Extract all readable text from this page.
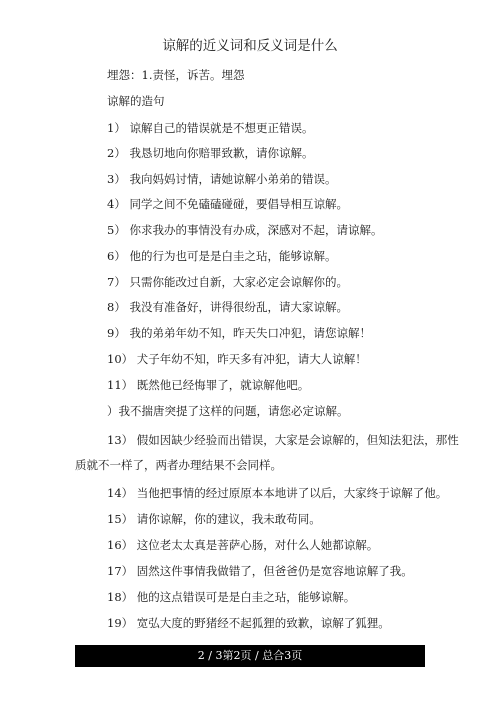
谅解的近义词和反义词是什么
埋怨：1.责怪，诉苦。埋怨
谅解的造句
1） 谅解自己的错误就是不想更正错误。
2） 我恳切地向你赔罪致歉，请你谅解。
3） 我向妈妈讨情，请她谅解小弟弟的错误。
4） 同学之间不免磕磕碰碰，要倡导相互谅解。
5） 你求我办的事情没有办成，深感对不起，请谅解。
6） 他的行为也可是是白圭之玷，能够谅解。
7） 只需你能改过自新，大家必定会谅解你的。
8） 我没有准备好，讲得很纷乱，请大家谅解。
9） 我的弟弟年幼不知，昨天失口冲犯，请您谅解！
10） 犬子年幼不知，昨天多有冲犯，请大人谅解！
11） 既然他已经悔罪了，就谅解他吧。
）我不揣唐突提了这样的问题，请您必定谅解。
13） 假如因缺少经验而出错误，大家是会谅解的，但知法犯法，那性
质就不一样了，两者办理结果不会同样。
14） 当他把事情的经过原原本本地讲了以后，大家终于谅解了他。
15） 请你谅解，你的建议，我未敢苟同。
16） 这位老太太真是菩萨心肠，对什么人她都谅解。
17） 固然这件事情我做错了，但爸爸仍是宽容地谅解了我。
18） 他的这点错误可是是白圭之玷，能够谅解。
19） 宽弘大度的野猪经不起狐狸的致歉，谅解了狐狸。
2 / 3第2页 / 总合3页
